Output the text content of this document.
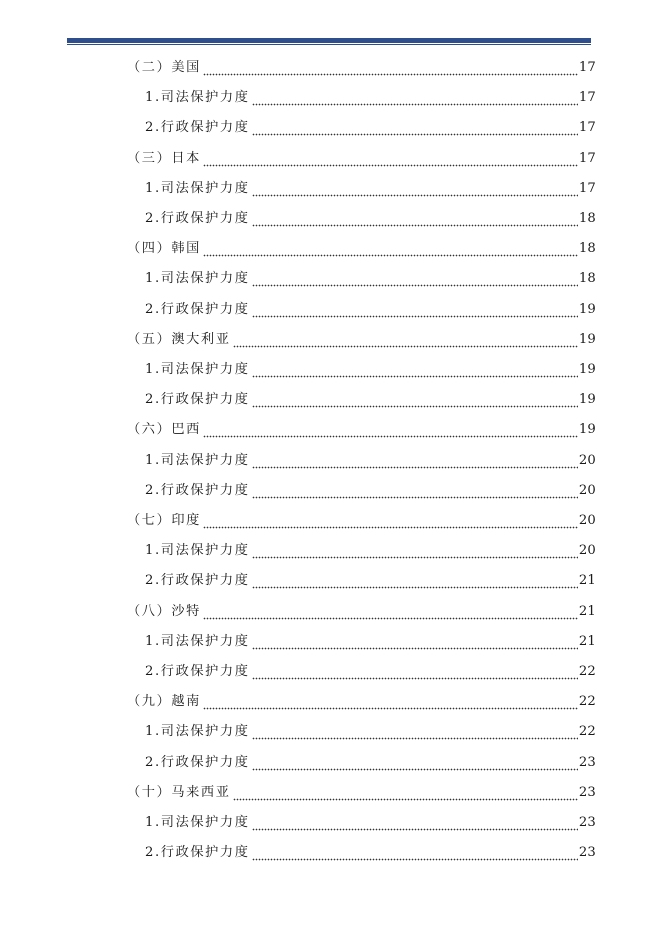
（二）美国	17
1.司法保护力度	17
2.行政保护力度	17
（三）日本	17
1.司法保护力度	17
2.行政保护力度	18
（四）韩国	18
1.司法保护力度	18
2.行政保护力度	19
（五）澳大利亚	19
1.司法保护力度	19
2.行政保护力度	19
（六）巴西	19
1.司法保护力度	20
2.行政保护力度	20
（七）印度	20
1.司法保护力度	20
2.行政保护力度	21
（八）沙特	21
1.司法保护力度	21
2.行政保护力度	22
（九）越南	22
1.司法保护力度	22
2.行政保护力度	23
（十）马来西亚	23
1.司法保护力度	23
2.行政保护力度	23
